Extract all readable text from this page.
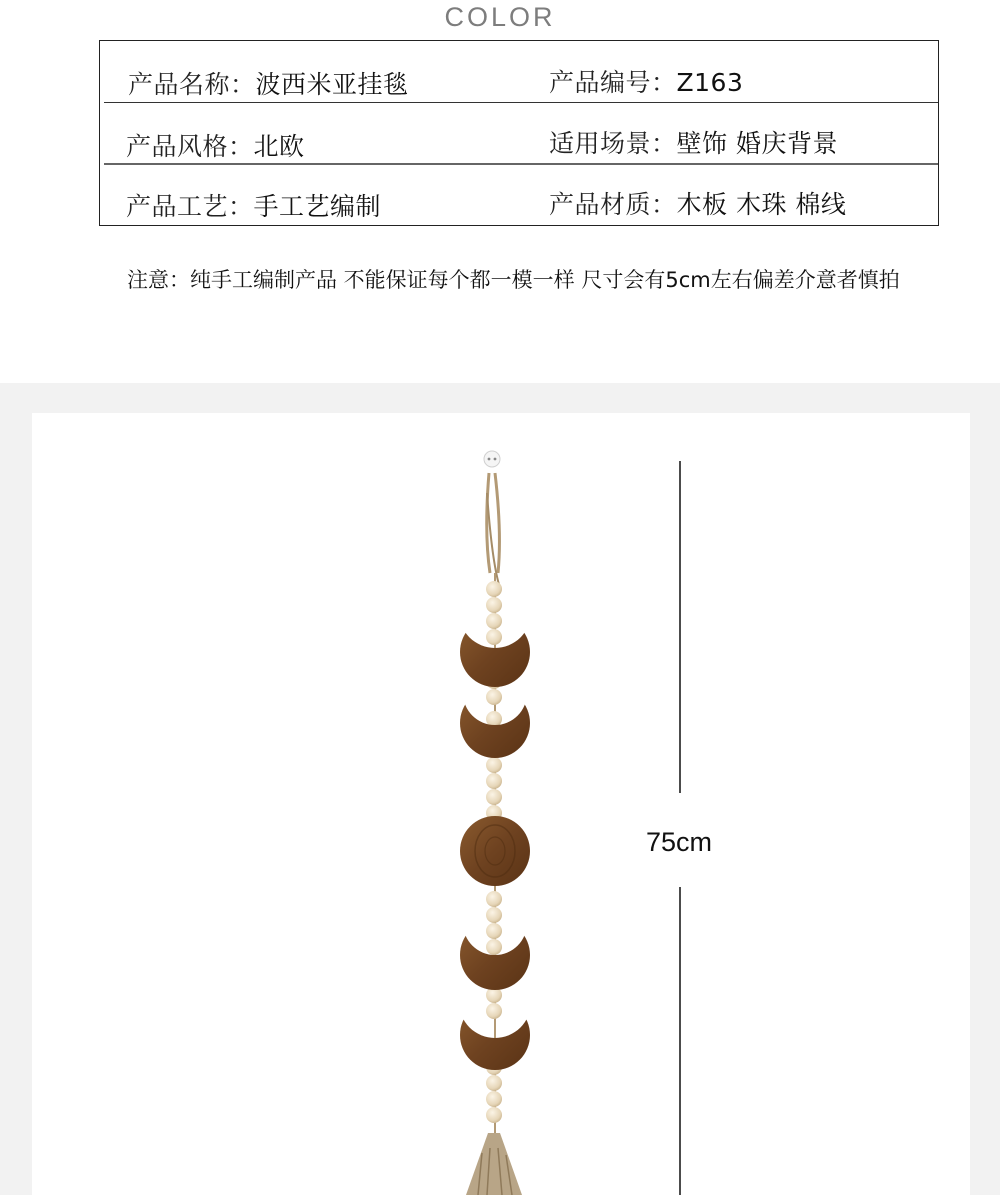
COLOR
产品名称：波西米亚挂毯	产品编号：Z163
产品风格：北欧	适用场景：壁饰 婚庆背景
产品工艺：手工艺编制	产品材质：木板 木珠 棉线
注意：纯手工编制产品 不能保证每个都一模一样 尺寸会有5cm左右偏差介意者慎拍
75cm
